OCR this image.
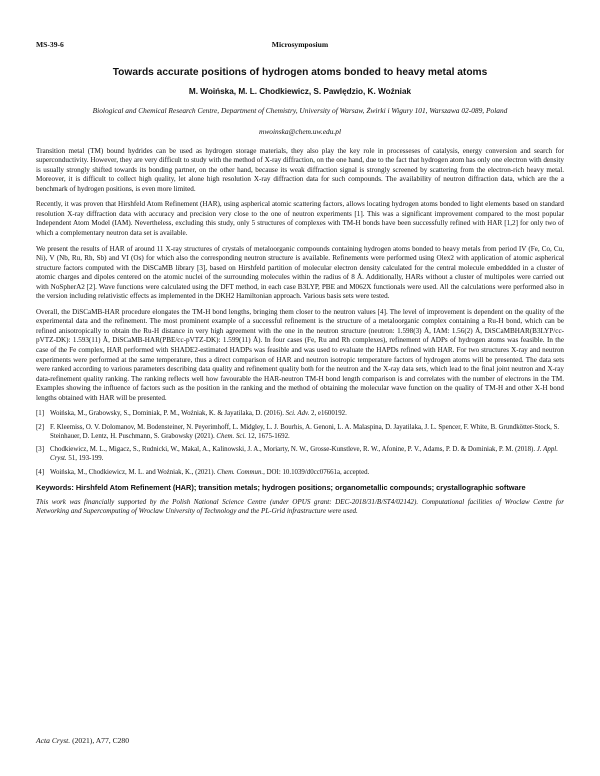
MS-39-6	Microsymposium
Towards accurate positions of hydrogen atoms bonded to heavy metal atoms
M. Woińska, M. L. Chodkiewicz, S. Pawlędzio, K. Woźniak
Biological and Chemical Research Centre, Department of Chemistry, University of Warsaw, Żwirki i Wigury 101, Warszawa 02-089, Poland
mwoinska@chem.uw.edu.pl

Transition metal (TM) bound hydrides can be used as hydrogen storage materials, they also play the key role in processeses of catalysis, energy conversion and search for superconductivity. However, they are very difficult to study with the method of X-ray diffraction, on the one hand, due to the fact that hydrogen atom has only one electron with density is usually strongly shifted towards its bonding partner, on the other hand, because its weak diffraction signal is strongly screened by scattering from the electron-rich heavy metal. Moreover, it is difficult to collect high quality, let alone high resolution X-ray diffraction data for such compounds. The availability of neutron diffraction data, which are the a benchmark of hydrogen positions, is even more limited.

Recently, it was proven that Hirshfeld Atom Refinement (HAR), using aspherical atomic scattering factors, allows locating hydrogen atoms bonded to light elements based on standard resolution X-ray diffraction data with accuracy and precision very close to the one of neutron experiments [1]. This was a significant improvement compared to the most popular Independent Atom Model (IAM). Nevertheless, excluding this study, only 5 structures of complexes with TM-H bonds have been successfully refined with HAR [1,2] for only two of which a complementary neutron data set is available.

We present the results of HAR of around 11 X-ray structures of crystals of metaloorganic compounds containing hydrogen atoms bonded to heavy metals from period IV (Fe, Co, Cu, Ni), V (Nb, Ru, Rh, Sb) and VI (Os) for which also the corresponding neutron structure is available. Refinements were performed using Olex2 with application of atomic aspherical structure factors computed with the DiSCaMB library [3], based on Hirshfeld partition of molecular electron density calculated for the central molecule embeddded in a cluster of atomic charges and dipoles centered on the atomic nuclei of the surrounding molecules within the radius of 8 Å. Additionally, HARs without a cluster of multipoles were carried out with NoSpherA2 [2]. Wave functions were calculated using the DFT method, in each case B3LYP, PBE and M062X functionals were used. All the calculations were performed also in the version including relativistic effects as implemented in the DKH2 Hamiltonian approach. Various basis sets were tested.

Overall, the DiSCaMB-HAR procedure elongates the TM-H bond lengths, bringing them closer to the neutron values [4]. The level of improvement is dependent on the quality of the experimental data and the refinement. The most prominent example of a successful refinement is the structure of a metaloorganic complex containing a Ru-H bond, which can be refined anisotropically to obtain the Ru-H distance in very high agreement with the one in the neutron structure (neutron: 1.598(3) Å, IAM: 1.56(2) Å, DiSCaMBHAR(B3LYP/cc-pVTZ-DK): 1.593(11) Å, DiSCaMB-HAR(PBE/cc-pVTZ-DK): 1.599(11) Å). In four cases (Fe, Ru and Rh complexes), refinement of ADPs of hydrogen atoms was feasible. In the case of the Fe complex, HAR performed with SHADE2-estimated HADPs was feasible and was used to evaluate the HAPDs refined with HAR. For two structures X-ray and neutron experiments were performed at the same temperature, thus a direct comparison of HAR and neutron isotropic temperature factors of hydrogen atoms will be presented. The data sets were ranked according to various parameters describing data quality and refinement quality both for the neutron and the X-ray data sets, which lead to the final joint neutron and X-ray data-refinement quality ranking. The ranking reflects well how favourable the HAR-neutron TM-H bond length comparison is and correlates with the number of electrons in the TM. Examples showing the influence of factors such as the position in the ranking and the method of obtaining the molecular wave function on the quality of TM-H and other X-H bond lengths obtained with HAR will be presented.

[1] Woińska, M., Grabowsky, S., Dominiak, P. M., Woźniak, K. & Jayatilaka, D. (2016). Sci. Adv. 2, e1600192.
[2] F. Kleemiss, O. V. Dolomanov, M. Bodensteiner, N. Peyerimhoff, L. Midgley, L. J. Bourhis, A. Genoni, L. A. Malaspina, D. Jayatilaka, J. L. Spencer, F. White, B. Grundkötter-Stock, S. Steinhauer, D. Lentz, H. Puschmann, S. Grabowsky (2021). Chem. Sci. 12, 1675-1692.
[3] Chodkiewicz, M. L., Migacz, S., Rudnicki, W., Makal, A., Kalinowski, J. A., Moriarty, N. W., Grosse-Kunstleve, R. W., Afonine, P. V., Adams, P. D. & Dominiak, P. M. (2018). J. Appl. Cryst. 51, 193-199.
[4] Woińska, M., Chodkiewicz, M. L. and Woźniak, K., (2021). Chem. Commun., DOI: 10.1039/d0cc07661a, accepted.
Keywords: Hirshfeld Atom Refinement (HAR); transition metals; hydrogen positions; organometallic compounds; crystallographic software
This work was financially supported by the Polish National Science Centre (under OPUS grant: DEC-2018/31/B/ST4/02142). Computational facilities of Wroclaw Centre for Networking and Supercomputing of Wroclaw University of Technology and the PL-Grid infrastructure were used.
Acta Cryst. (2021), A77, C280
